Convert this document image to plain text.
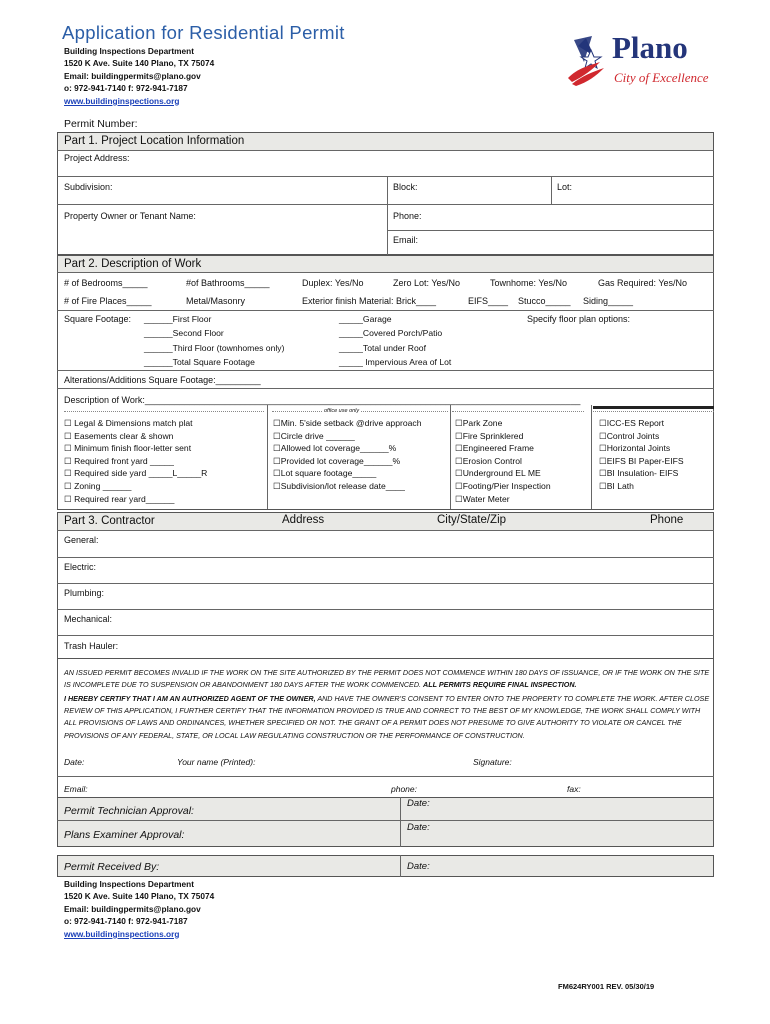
Application for Residential Permit
Building Inspections Department
1520 K Ave. Suite 140 Plano, TX 75074
Email: buildingpermits@plano.gov
o: 972-941-7140 f: 972-941-7187
www.buildinginspections.org
Plano
City of Excellence
Permit Number:
Part 1. Project Location Information
Project Address:
Subdivision:	Block:	Lot:
Property Owner or Tenant Name:	Phone:
Email:
Part 2. Description of Work
# of Bedrooms_____	#of Bathrooms_____	Duplex: Yes/No	Zero Lot: Yes/No	Townhome: Yes/No	Gas Required: Yes/No
# of Fire Places_____	Metal/Masonry	Exterior finish Material: Brick____	EIFS____ Stucco_____ Siding_____
Square Footage: ______First Floor
______Second Floor
______Third Floor (townhomes only)
______Total Square Footage
_____Garage
_____Covered Porch/Patio
_____Total under Roof
_____ Impervious Area of Lot
Specify floor plan options:
Alterations/Additions Square Footage:_________
Description of Work:_______________________________________________________________________________________
office use only
☐ Legal & Dimensions match plat
☐ Easements clear & shown
☐ Minimum finish floor-letter sent
☐ Required front yard _____
☐ Required side yard _____L_____R
☐ Zoning ______
☐ Required rear yard______
☐Min. 5'side setback @drive approach
☐Circle drive ______
☐Allowed lot coverage______%
☐Provided lot coverage______%
☐Lot square footage_____
☐Subdivision/lot release date____
☐Park Zone
☐Fire Sprinklered
☐Engineered Frame
☐Erosion Control
☐Underground EL ME
☐Footing/Pier Inspection
☐Water Meter
☐ICC-ES Report
☐Control Joints
☐Horizontal Joints
☐EIFS BI Paper-EIFS
☐BI Insulation- EIFS
☐BI Lath
Part 3. Contractor	Address	City/State/Zip	Phone
General:
Electric:
Plumbing:
Mechanical:
Trash Hauler:
AN ISSUED PERMIT BECOMES INVALID IF THE WORK ON THE SITE AUTHORIZED BY THE PERMIT DOES NOT COMMENCE WITHIN 180 DAYS OF ISSUANCE, OR IF THE WORK ON THE SITE IS INCOMPLETE DUE TO SUSPENSION OR ABANDONMENT 180 DAYS AFTER THE WORK COMMENCED. ALL PERMITS REQUIRE FINAL INSPECTION.
I HEREBY CERTIFY THAT I AM AN AUTHORIZED AGENT OF THE OWNER, AND HAVE THE OWNER'S CONSENT TO ENTER ONTO THE PROPERTY TO COMPLETE THE WORK. AFTER CLOSE REVIEW OF THIS APPLICATION, I FURTHER CERTIFY THAT THE INFORMATION PROVIDED IS TRUE AND CORRECT TO THE BEST OF MY KNOWLEDGE, THE WORK SHALL COMPLY WITH ALL PROVISIONS OF LAWS AND ORDINANCES, WHETHER SPECIFIED OR NOT. THE GRANT OF A PERMIT DOES NOT PRESUME TO GIVE AUTHORITY TO VIOLATE OR CANCEL THE PROVISIONS OF ANY FEDERAL, STATE, OR LOCAL LAW REGULATING CONSTRUCTION OR THE PERFORMANCE OF CONSTRUCTION.
Date:	Your name (Printed):	Signature:
Email:	phone:	fax:
Permit Technician Approval:
Date:
Plans Examiner Approval:
Date:
Permit Received By:	Date:
Building Inspections Department
1520 K Ave. Suite 140 Plano, TX 75074
Email: buildingpermits@plano.gov
o: 972-941-7140 f: 972-941-7187
www.buildinginspections.org
FM624RY001 REV. 05/30/19
